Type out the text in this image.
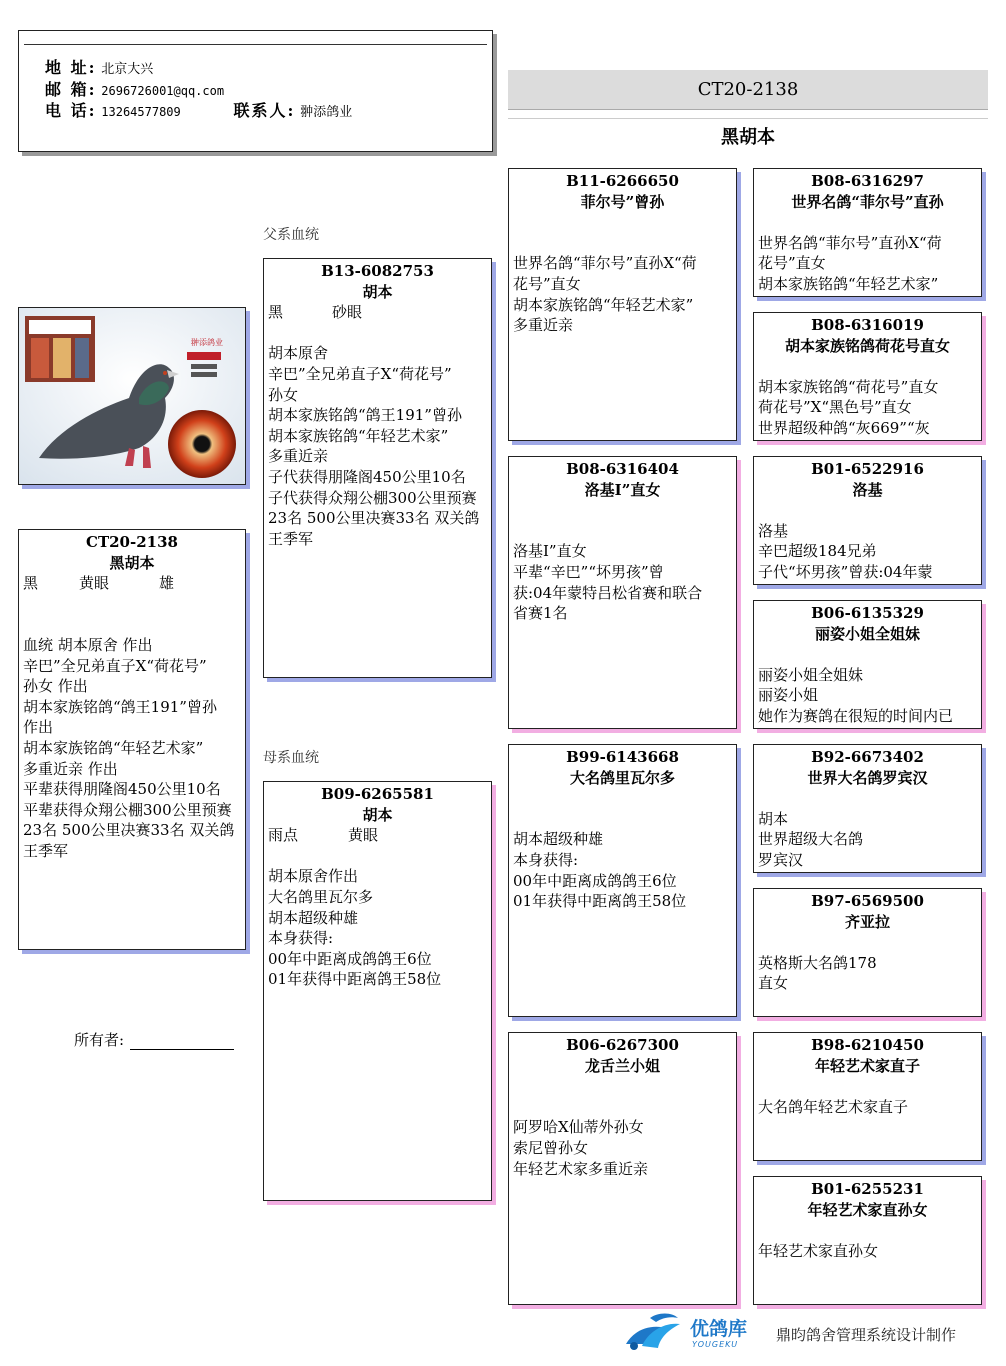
地 址: 北京大兴
邮 箱: 2696726001@qq.com
电 话: 13264577809	联系人: 翀添鸽业
CT20-2138
黑胡本
父系血统
母系血统
翀添鸽业
CT20-2138
黑胡本
黑	黄眼	雄
血统 胡本原舍 作出
辛巴”全兄弟直子X“荷花号”
孙女 作出
胡本家族铭鸽“鸽王191”曾孙
作出
胡本家族铭鸽“年轻艺术家”
多重近亲 作出
平辈获得朋隆阁450公里10名
平辈获得众翔公棚300公里预赛
23名 500公里决赛33名 双关鸽
王季军
所有者:
B13-6082753
胡本
黑	砂眼
胡本原舍
辛巴”全兄弟直子X“荷花号”
孙女
胡本家族铭鸽“鸽王191”曾孙
胡本家族铭鸽“年轻艺术家”
多重近亲
子代获得朋隆阁450公里10名
子代获得众翔公棚300公里预赛
23名 500公里决赛33名 双关鸽
王季军
B09-6265581
胡本
雨点	黄眼
胡本原舍作出
大名鸽里瓦尔多
胡本超级种雄
本身获得:
00年中距离成鸽鸽王6位
01年获得中距离鸽王58位
B11-6266650
菲尔号”曾孙
世界名鸽“菲尔号”直孙X“荷
花号”直女
胡本家族铭鸽“年轻艺术家”
多重近亲
B08-6316404
洛基I”直女
洛基I”直女
平辈“辛巴”“坏男孩”曾
获:04年蒙特吕松省赛和联合
省赛1名
B99-6143668
大名鸽里瓦尔多
胡本超级种雄
本身获得:
00年中距离成鸽鸽王6位
01年获得中距离鸽王58位
B06-6267300
龙舌兰小姐
阿罗哈X仙蒂外孙女
索尼曾孙女
年轻艺术家多重近亲
B08-6316297
世界名鸽“菲尔号”直孙
世界名鸽“菲尔号”直孙X“荷
花号”直女
胡本家族铭鸽“年轻艺术家”
B08-6316019
胡本家族铭鸽荷花号直女
胡本家族铭鸽“荷花号”直女
荷花号”X“黑色号”直女
世界超级种鸽“灰669”“灰
B01-6522916
洛基
洛基
辛巴超级184兄弟
子代“坏男孩”曾获:04年蒙
B06-6135329
丽姿小姐全姐妹
丽姿小姐全姐妹
丽姿小姐
她作为赛鸽在很短的时间内已
B92-6673402
世界大名鸽罗宾汉
胡本
世界超级大名鸽
罗宾汉
B97-6569500
齐亚拉
英格斯大名鸽178
直女
B98-6210450
年轻艺术家直子
大名鸽年轻艺术家直子
B01-6255231
年轻艺术家直孙女
年轻艺术家直孙女
优鸽库
YOUGEKU
鼎昀鸽舍管理系统设计制作
